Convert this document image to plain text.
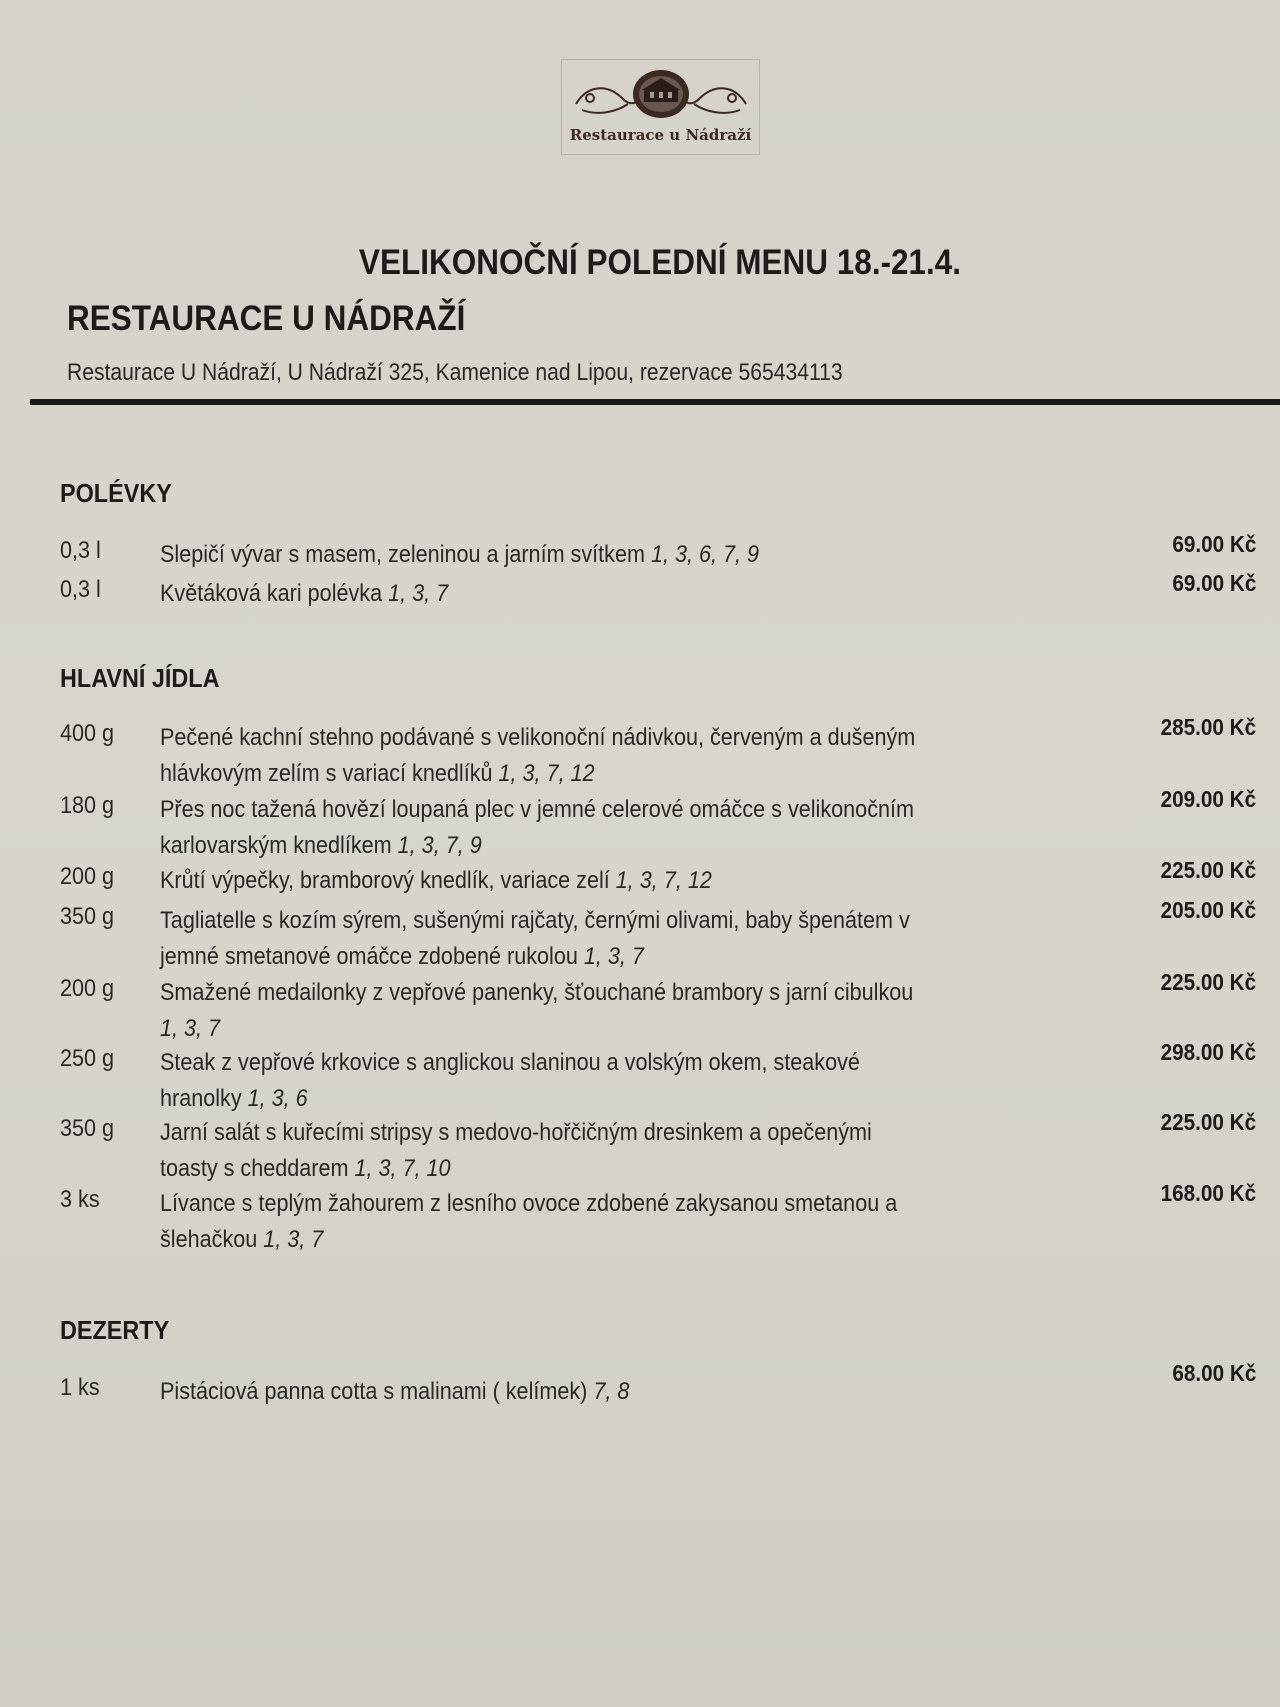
Restaurace u Nádraží
VELIKONOČNÍ POLEDNÍ MENU 18.-21.4.
RESTAURACE U NÁDRAŽÍ
Restaurace U Nádraží, U Nádraží 325, Kamenice nad Lipou, rezervace 565434113
POLÉVKY
0,3 l Slepičí vývar s masem, zeleninou a jarním svítkem 1, 3, 6, 7, 9	69.00 Kč
0,3 l Květáková kari polévka 1, 3, 7	69.00 Kč
HLAVNÍ JÍDLA
400 g Pečené kachní stehno podávané s velikonoční nádivkou, červeným a dušeným hlávkovým zelím s variací knedlíků 1, 3, 7, 12
285.00 Kč
180 g Přes noc tažená hovězí loupaná plec v jemné celerové omáčce s velikonočním karlovarským knedlíkem 1, 3, 7, 9
209.00 Kč
200 g Krůtí výpečky, bramborový knedlík, variace zelí 1, 3, 7, 12	225.00 Kč
350 g Tagliatelle s kozím sýrem, sušenými rajčaty, černými olivami, baby špenátem v jemné smetanové omáčce zdobené rukolou 1, 3, 7
205.00 Kč
200 g Smažené medailonky z vepřové panenky, šťouchané brambory s jarní cibulkou 1, 3, 7
225.00 Kč
250 g Steak z vepřové krkovice s anglickou slaninou a volským okem, steakové hranolky 1, 3, 6
298.00 Kč
350 g Jarní salát s kuřecími stripsy s medovo-hořčičným dresinkem a opečenými toasty s cheddarem 1, 3, 7, 10
225.00 Kč
3 ks	Lívance s teplým žahourem z lesního ovoce zdobené zakysanou smetanou a šlehačkou 1, 3, 7
168.00 Kč
DEZERTY
1 ks	Pistáciová panna cotta s malinami ( kelímek) 7, 8
68.00 Kč
